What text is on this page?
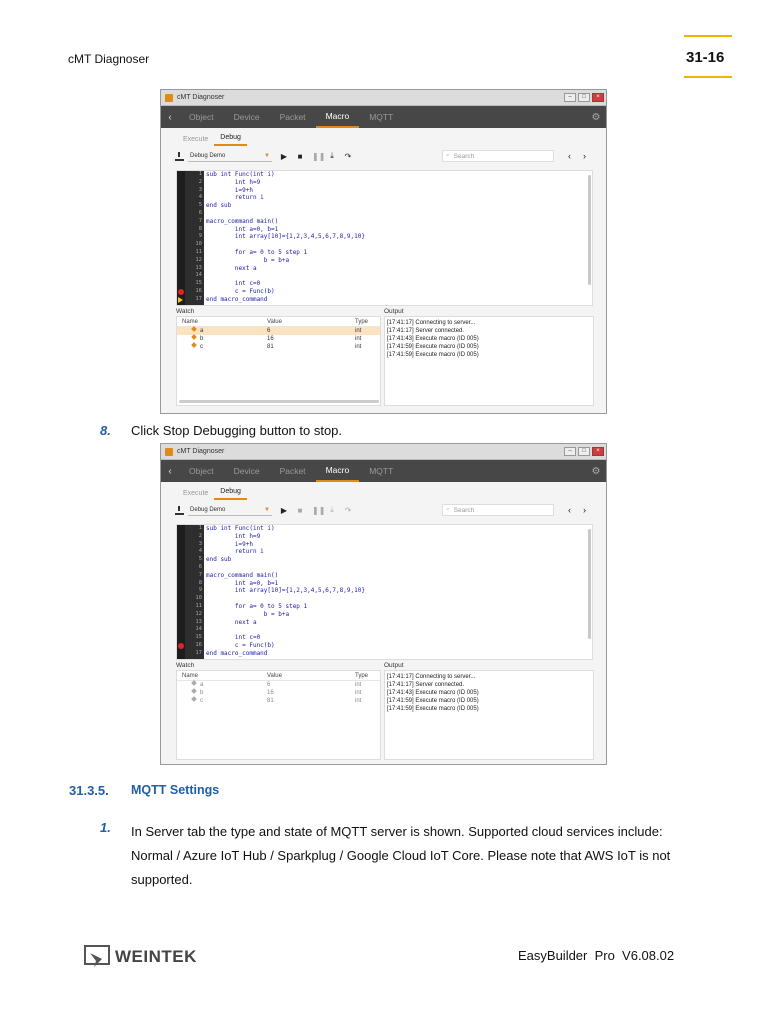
cMT Diagnoser	31-16
cMT Diagnoser	–	□	×
‹	Object	Device	Packet	Macro	MQTT	⚙
Execute	Debug
Debug Demo	▼ ▶ ■ ❚❚ ⤓ ↷	⌕ Search	‹ ›
1 sub int Func(int i)
2 int h=9
3 i=9+h
4 return i
5 end sub
6
7 macro_command main()
8 int a=0, b=1
9 int array[10]={1,2,3,4,5,6,7,8,9,10}
10
11 for a= 0 to 5 step 1
12 b = b+a
13 next a
14
15 int c=0
16 c = Func(b)
17 end macro_command
Watch	Output
Name	Value	Type
a	6	int
b	16	int
c	81	int
[17:41:17] Connecting to server...
[17:41:17] Server connected.
[17:41:43] Execute macro (ID 005)
[17:41:59] Execute macro (ID 005)
[17:41:59] Execute macro (ID 005)
8. Click Stop Debugging button to stop.
cMT Diagnoser	–	□	×
‹	Object	Device	Packet	Macro	MQTT	⚙
Execute	Debug
Debug Demo	▼ ▶ ■ ❚❚ ⤓ ↷	⌕ Search	‹ ›
1 sub int Func(int i)
2 int h=9
3 i=9+h
4 return i
5 end sub
6
7 macro_command main()
8 int a=0, b=1
9 int array[10]={1,2,3,4,5,6,7,8,9,10}
10
11 for a= 0 to 5 step 1
12 b = b+a
13 next a
14
15 int c=0
16 c = Func(b)
17 end macro_command
Watch	Output
Name	Value	Type
a	6	int
b	16	int
c	81	int
[17:41:17] Connecting to server...
[17:41:17] Server connected.
[17:41:43] Execute macro (ID 005)
[17:41:59] Execute macro (ID 005)
[17:41:59] Execute macro (ID 005)
31.3.5. MQTT Settings
1. In Server tab the type and state of MQTT server is shown. Supported cloud services include: Normal / Azure IoT Hub / Sparkplug / Google Cloud IoT Core. Please note that AWS IoT is not supported.
WEINTEK	EasyBuilder  Pro  V6.08.02
